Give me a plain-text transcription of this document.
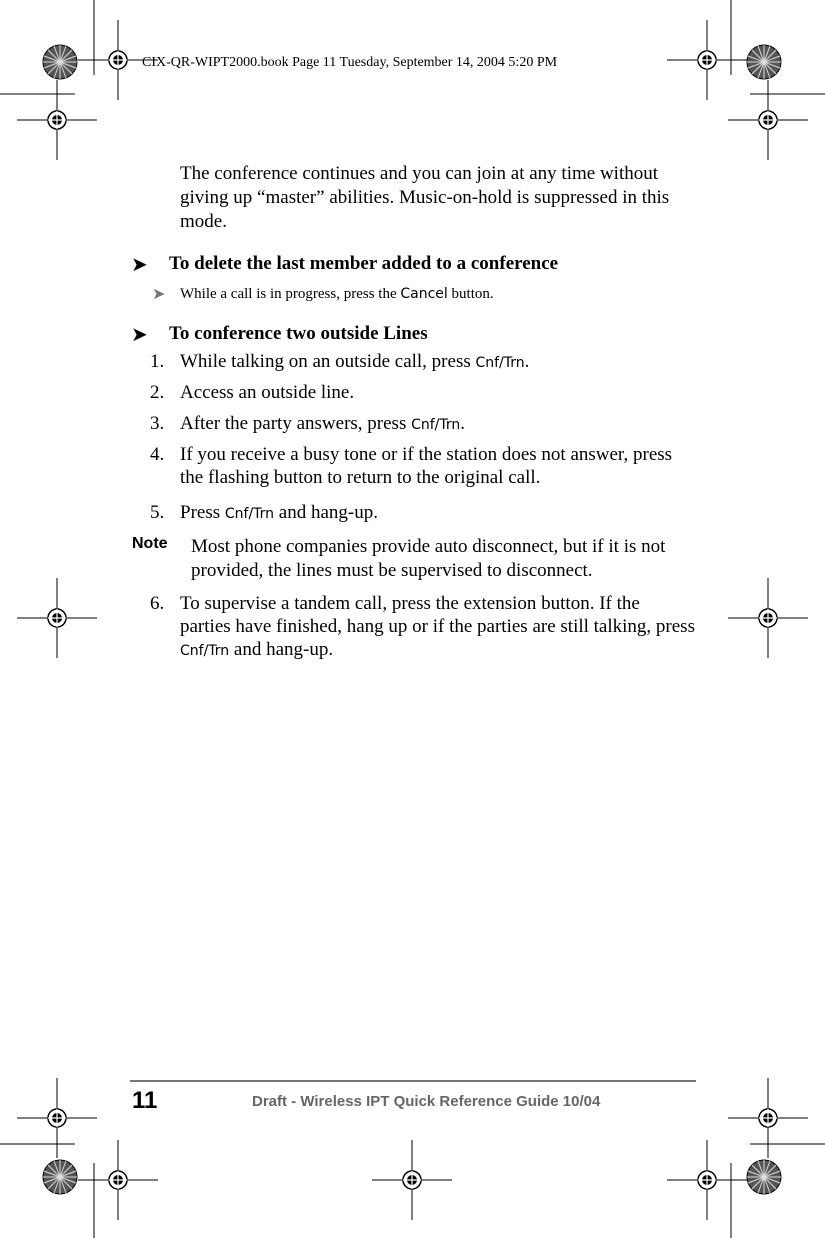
CIX-QR-WIPT2000.book Page 11 Tuesday, September 14, 2004 5:20 PM

The conference continues and you can join at any time without giving up “master” abilities. Music-on-hold is suppressed in this mode.

➤ To delete the last member added to a conference
➤ While a call is in progress, press the Cancel button.
➤ To conference two outside Lines
1. While talking on an outside call, press Cnf/Trn.
2. Access an outside line.
3. After the party answers, press Cnf/Trn.
4. If you receive a busy tone or if the station does not answer, press the flashing button to return to the original call.
5. Press Cnf/Trn and hang-up.
Note Most phone companies provide auto disconnect, but if it is not provided, the lines must be supervised to disconnect.
6. To supervise a tandem call, press the extension button. If the parties have finished, hang up or if the parties are still talking, press Cnf/Trn and hang-up.
11	Draft - Wireless IPT Quick Reference Guide 10/04
